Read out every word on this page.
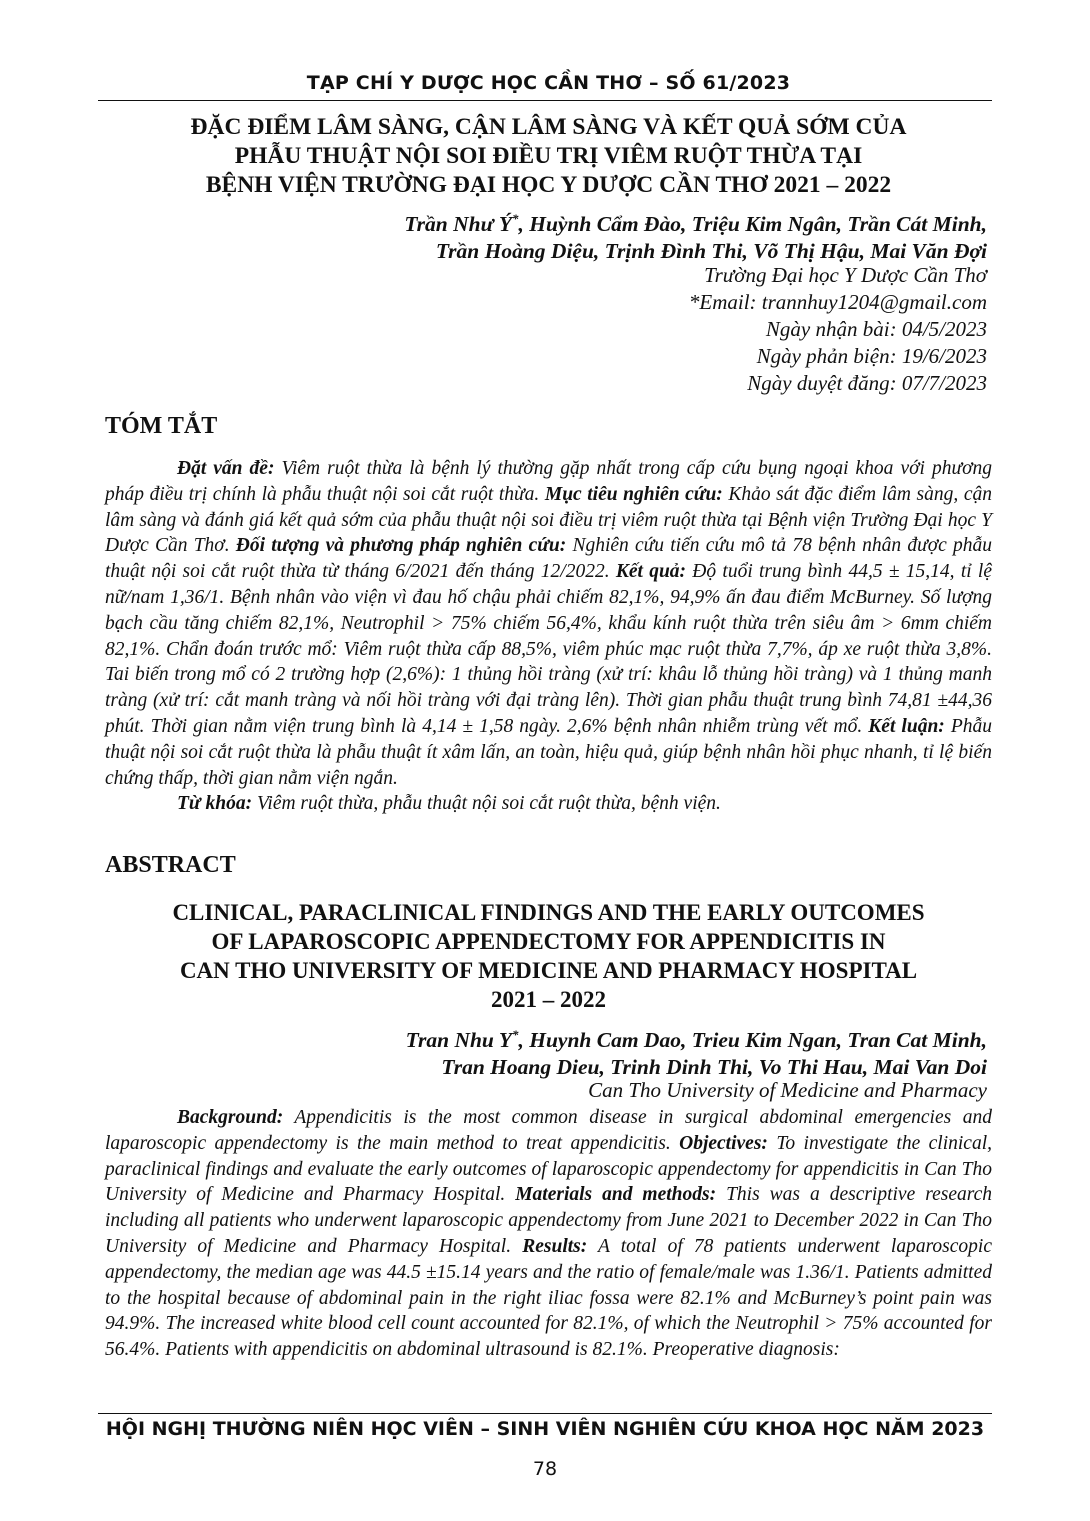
TẠP CHÍ Y DƯỢC HỌC CẦN THƠ – SỐ 61/2023
ĐẶC ĐIỂM LÂM SÀNG, CẬN LÂM SÀNG VÀ KẾT QUẢ SỚM CỦA
PHẪU THUẬT NỘI SOI ĐIỀU TRỊ VIÊM RUỘT THỪA TẠI
BỆNH VIỆN TRƯỜNG ĐẠI HỌC Y DƯỢC CẦN THƠ 2021 – 2022
Trần Như Ý*, Huỳnh Cẩm Đào, Triệu Kim Ngân, Trần Cát Minh,
Trần Hoàng Diệu, Trịnh Đình Thi, Võ Thị Hậu, Mai Văn Đợi
Trường Đại học Y Dược Cần Thơ
*Email: trannhuy1204@gmail.com
Ngày nhận bài: 04/5/2023
Ngày phản biện: 19/6/2023
Ngày duyệt đăng: 07/7/2023
TÓM TẮT

Đặt vấn đề: Viêm ruột thừa là bệnh lý thường gặp nhất trong cấp cứu bụng ngoại khoa với phương pháp điều trị chính là phẫu thuật nội soi cắt ruột thừa. Mục tiêu nghiên cứu: Khảo sát đặc điểm lâm sàng, cận lâm sàng và đánh giá kết quả sớm của phẫu thuật nội soi điều trị viêm ruột thừa tại Bệnh viện Trường Đại học Y Dược Cần Thơ. Đối tượng và phương pháp nghiên cứu: Nghiên cứu tiến cứu mô tả 78 bệnh nhân được phẫu thuật nội soi cắt ruột thừa từ tháng 6/2021 đến tháng 12/2022. Kết quả: Độ tuổi trung bình 44,5 ± 15,14, tỉ lệ nữ/nam 1,36/1. Bệnh nhân vào viện vì đau hố chậu phải chiếm 82,1%, 94,9% ấn đau điểm McBurney. Số lượng bạch cầu tăng chiếm 82,1%, Neutrophil > 75% chiếm 56,4%, khẩu kính ruột thừa trên siêu âm > 6mm chiếm 82,1%. Chẩn đoán trước mổ: Viêm ruột thừa cấp 88,5%, viêm phúc mạc ruột thừa 7,7%, áp xe ruột thừa 3,8%. Tai biến trong mổ có 2 trường hợp (2,6%): 1 thủng hồi tràng (xử trí: khâu lỗ thủng hồi tràng) và 1 thủng manh tràng (xử trí: cắt manh tràng và nối hồi tràng với đại tràng lên). Thời gian phẫu thuật trung bình 74,81 ±44,36 phút. Thời gian nằm viện trung bình là 4,14 ± 1,58 ngày. 2,6% bệnh nhân nhiễm trùng vết mổ. Kết luận: Phẫu thuật nội soi cắt ruột thừa là phẫu thuật ít xâm lấn, an toàn, hiệu quả, giúp bệnh nhân hồi phục nhanh, tỉ lệ biến chứng thấp, thời gian nằm viện ngắn.

Từ khóa: Viêm ruột thừa, phẫu thuật nội soi cắt ruột thừa, bệnh viện.

ABSTRACT
CLINICAL, PARACLINICAL FINDINGS AND THE EARLY OUTCOMES
OF LAPAROSCOPIC APPENDECTOMY FOR APPENDICITIS IN
CAN THO UNIVERSITY OF MEDICINE AND PHARMACY HOSPITAL
2021 – 2022
Tran Nhu Y*, Huynh Cam Dao, Trieu Kim Ngan, Tran Cat Minh,
Tran Hoang Dieu, Trinh Dinh Thi, Vo Thi Hau, Mai Van Doi
Can Tho University of Medicine and Pharmacy

Background: Appendicitis is the most common disease in surgical abdominal emergencies and laparoscopic appendectomy is the main method to treat appendicitis. Objectives: To investigate the clinical, paraclinical findings and evaluate the early outcomes of laparoscopic appendectomy for appendicitis in Can Tho University of Medicine and Pharmacy Hospital. Materials and methods: This was a descriptive research including all patients who underwent laparoscopic appendectomy from June 2021 to December 2022 in Can Tho University of Medicine and Pharmacy Hospital. Results: A total of 78 patients underwent laparoscopic appendectomy, the median age was 44.5 ±15.14 years and the ratio of female/male was 1.36/1. Patients admitted to the hospital because of abdominal pain in the right iliac fossa were 82.1% and McBurney’s point pain was 94.9%. The increased white blood cell count accounted for 82.1%, of which the Neutrophil > 75% accounted for 56.4%. Patients with appendicitis on abdominal ultrasound is 82.1%. Preoperative diagnosis:

HỘI NGHỊ THƯỜNG NIÊN HỌC VIÊN – SINH VIÊN NGHIÊN CỨU KHOA HỌC NĂM 2023
78
